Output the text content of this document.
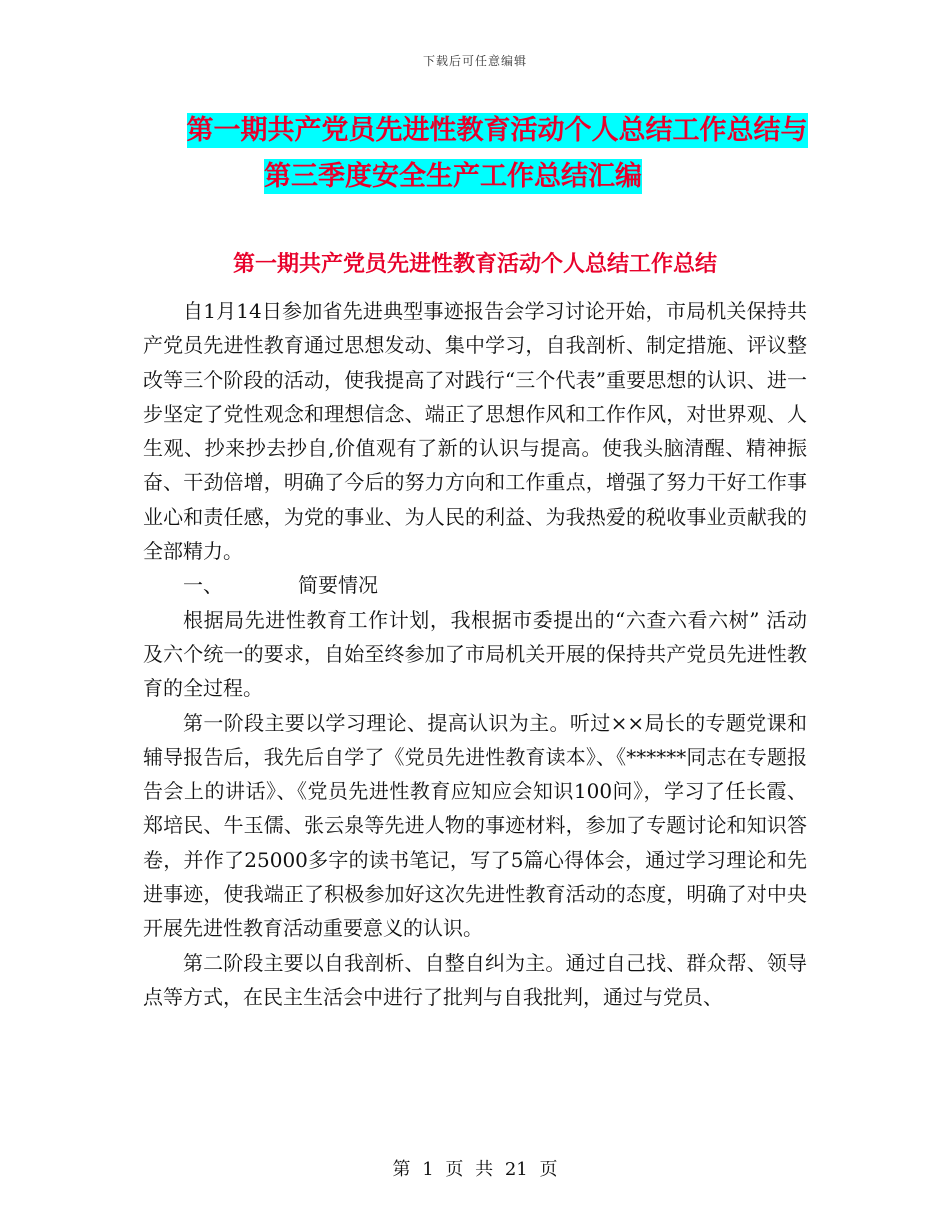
下载后可任意编辑
第一期共产党员先进性教育活动个人总结工作总结与
第三季度安全生产工作总结汇编
第一期共产党员先进性教育活动个人总结工作总结

自1月14日参加省先进典型事迹报告会学习讨论开始，市局机关保持共产党员先进性教育通过思想发动、集中学习，自我剖析、制定措施、评议整改等三个阶段的活动，使我提高了对践行“三个代表”重要思想的认识、进一步坚定了党性观念和理想信念、端正了思想作风和工作作风，对世界观、人生观、抄来抄去抄自,价值观有了新的认识与提高。使我头脑清醒、精神振奋、干劲倍增，明确了今后的努力方向和工作重点，增强了努力干好工作事业心和责任感，为党的事业、为人民的利益、为我热爱的税收事业贡献我的全部精力。

一、	简要情况

根据局先进性教育工作计划，我根据市委提出的“六查六看六树” 活动及六个统一的要求，自始至终参加了市局机关开展的保持共产党员先进性教育的全过程。

第一阶段主要以学习理论、提高认识为主。听过××局长的专题党课和辅导报告后，我先后自学了《党员先进性教育读本》、《******同志在专题报告会上的讲话》、《党员先进性教育应知应会知识100问》，学习了任长霞、郑培民、牛玉儒、张云泉等先进人物的事迹材料，参加了专题讨论和知识答卷，并作了25000多字的读书笔记，写了5篇心得体会，通过学习理论和先进事迹，使我端正了积极参加好这次先进性教育活动的态度，明确了对中央开展先进性教育活动重要意义的认识。

第二阶段主要以自我剖析、自整自纠为主。通过自己找、群众帮、领导点等方式，在民主生活会中进行了批判与自我批判，通过与党员、

第 1 页 共 21 页
